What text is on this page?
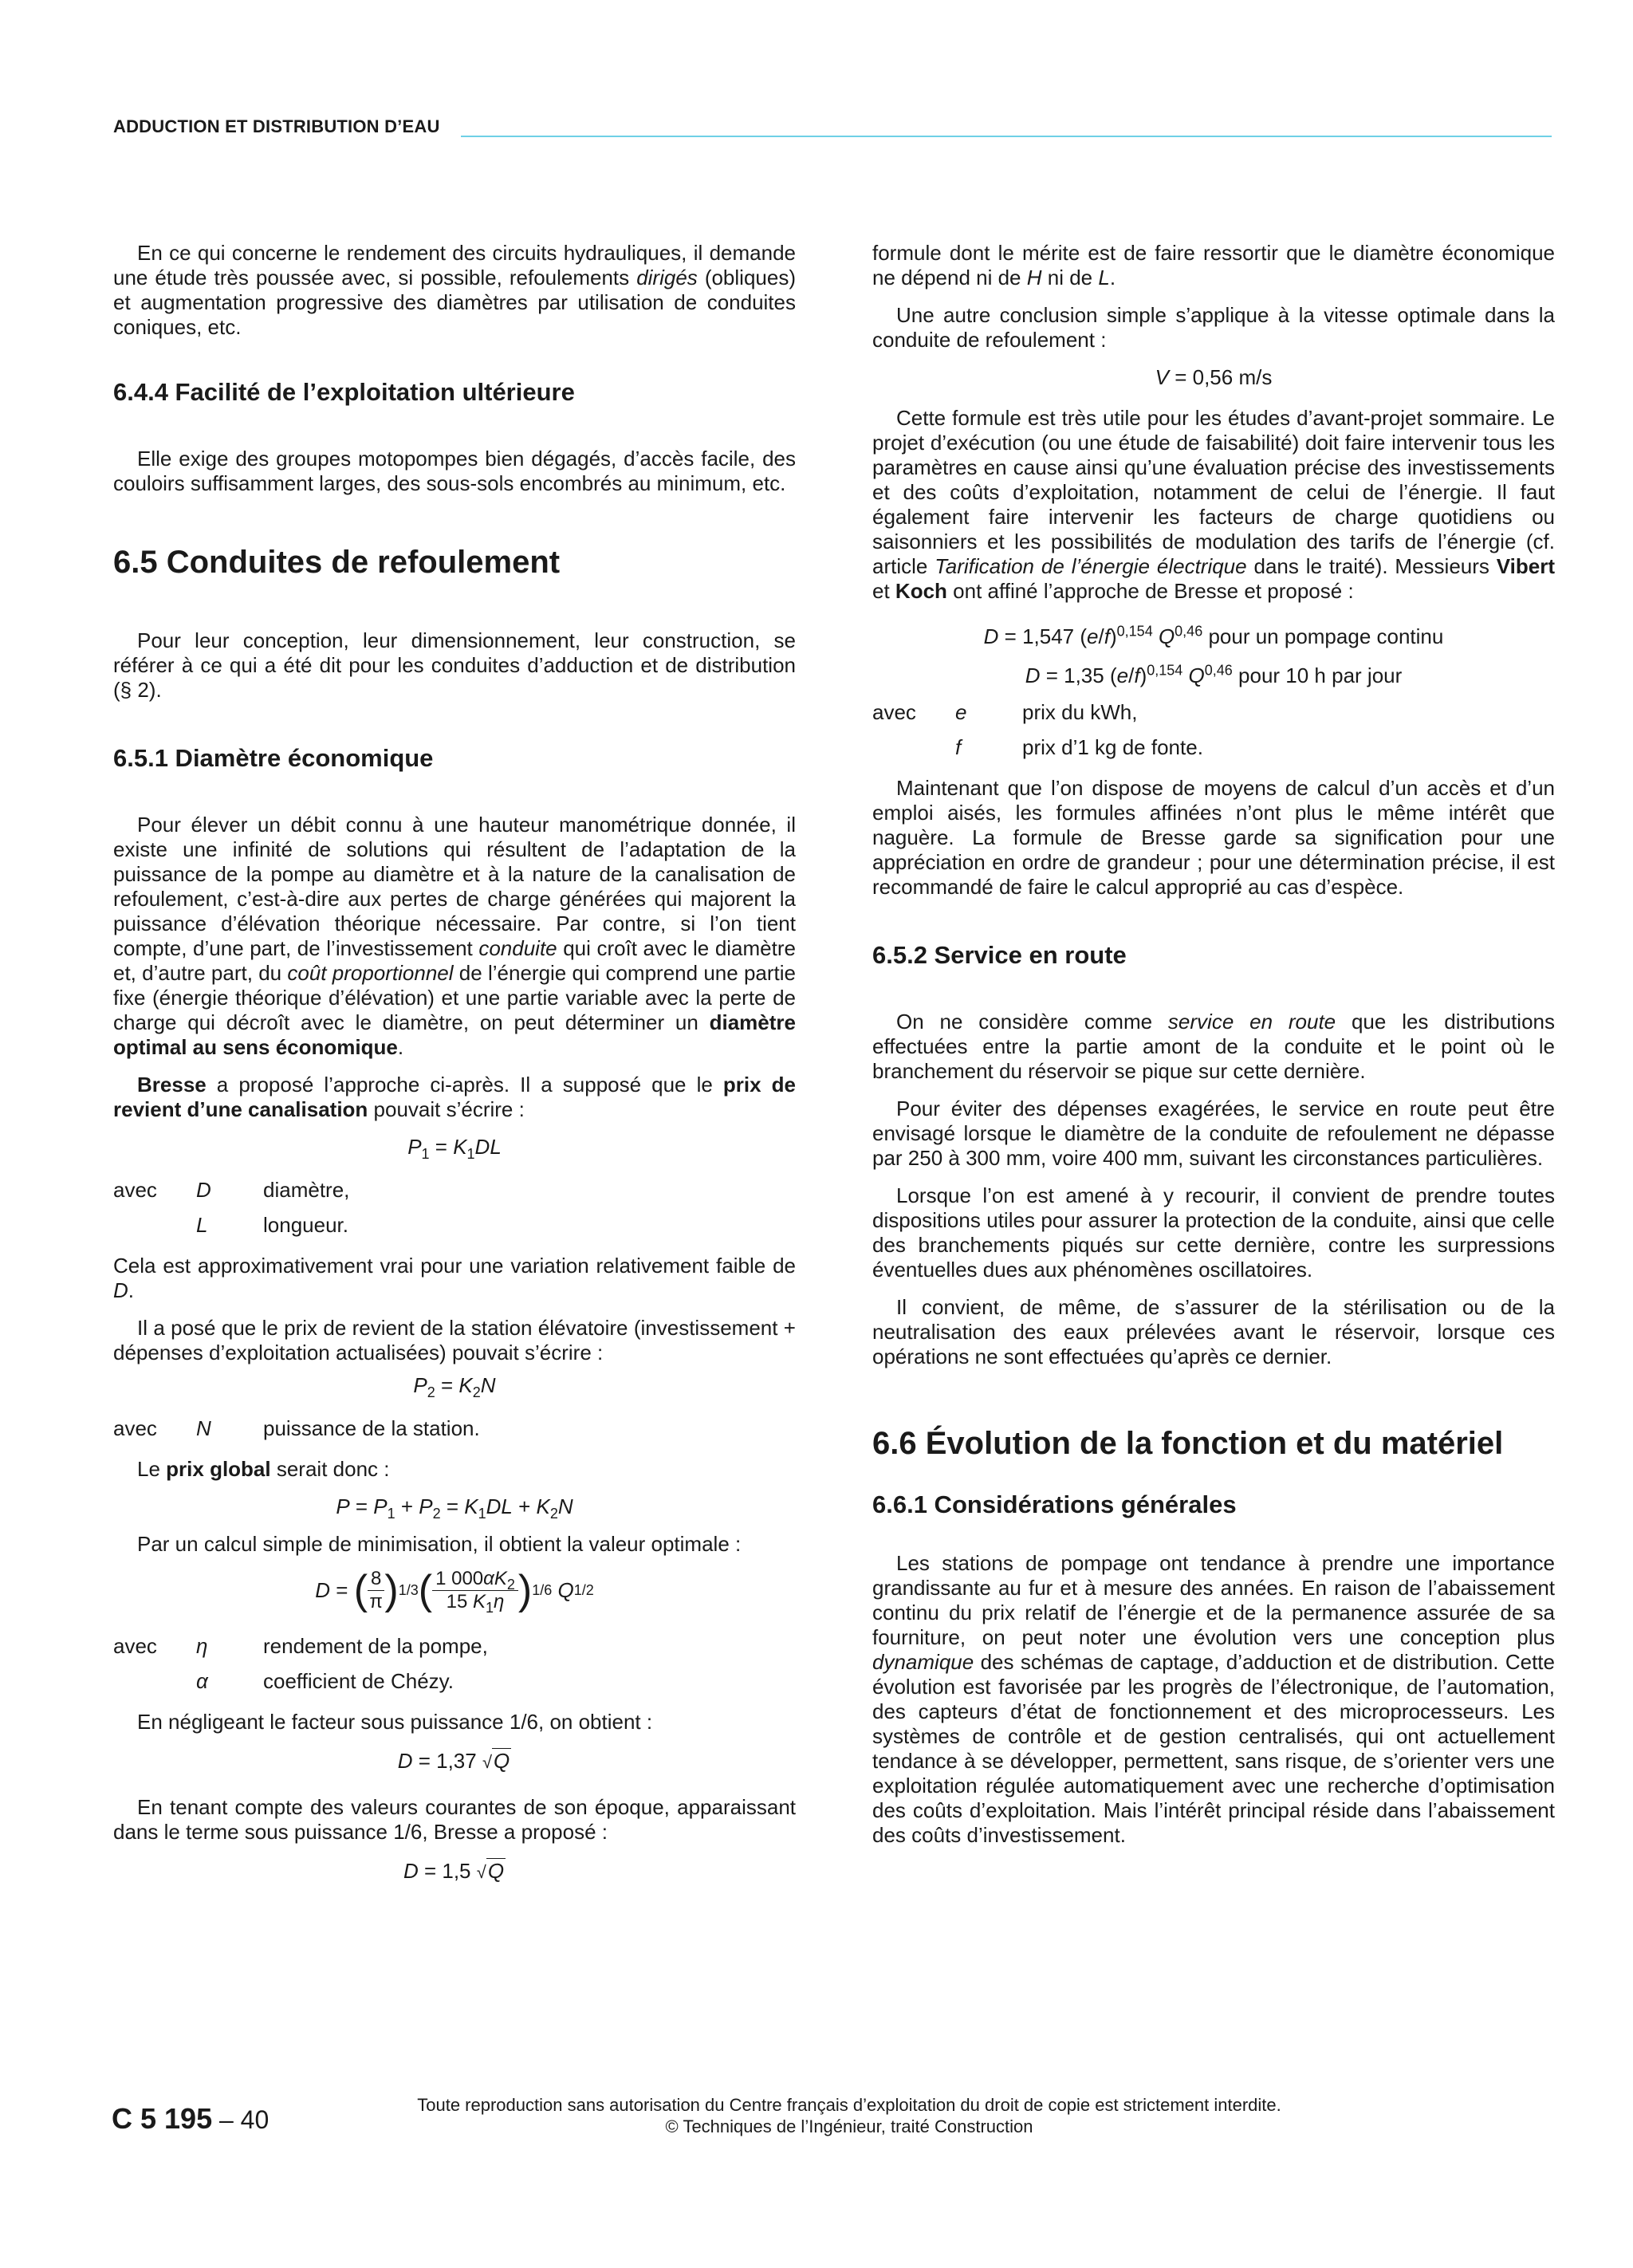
ADDUCTION ET DISTRIBUTION D’EAU

En ce qui concerne le rendement des circuits hydrauliques, il demande une étude très poussée avec, si possible, refoulements dirigés (obliques) et augmentation progressive des diamètres par utilisation de conduites coniques, etc.

6.4.4 Facilité de l’exploitation ultérieure

Elle exige des groupes motopompes bien dégagés, d’accès facile, des couloirs suffisamment larges, des sous-sols encombrés au minimum, etc.

6.5 Conduites de refoulement

Pour leur conception, leur dimensionnement, leur construction, se référer à ce qui a été dit pour les conduites d’adduction et de distribution (§ 2).

6.5.1 Diamètre économique

Pour élever un débit connu à une hauteur manométrique donnée, il existe une infinité de solutions qui résultent de l’adaptation de la puissance de la pompe au diamètre et à la nature de la canalisation de refoulement, c’est-à-dire aux pertes de charge générées qui majorent la puissance d’élévation théorique nécessaire. Par contre, si l’on tient compte, d’une part, de l’investissement conduite qui croît avec le diamètre et, d’autre part, du coût proportionnel de l’énergie qui comprend une partie fixe (énergie théorique d’élévation) et une partie variable avec la perte de charge qui décroît avec le diamètre, on peut déterminer un diamètre optimal au sens économique.

Bresse a proposé l’approche ci-après. Il a supposé que le prix de revient d’une canalisation pouvait s’écrire :

$P_1 = K_1DL$
avec	D	diamètre,
L	longueur.

Cela est approximativement vrai pour une variation relativement faible de D.

Il a posé que le prix de revient de la station élévatoire (investissement + dépenses d’exploitation actualisées) pouvait s’écrire :

$P_2 = K_2N$
avec	N	puissance de la station.

Le prix global serait donc :

$P = P_1 + P_2 = K_1DL + K_2N$

Par un calcul simple de minimisation, il obtient la valeur optimale :

D = ( $\frac{8}{\pi}$ ) 1/3 ( $\frac{1 000\alpha K_2}{15 K_1\eta}$ ) 1/6
Q 1/2
avec	η	rendement de la pompe,
α	coefficient de Chézy.

En négligeant le facteur sous puissance 1/6, on obtient :

D = 1,37 √Q

En tenant compte des valeurs courantes de son époque, apparaissant dans le terme sous puissance 1/6, Bresse a proposé :

D = 1,5 √Q

formule dont le mérite est de faire ressortir que le diamètre économique ne dépend ni de H ni de L.

Une autre conclusion simple s’applique à la vitesse optimale dans la conduite de refoulement :

V = 0,56 m/s

Cette formule est très utile pour les études d’avant-projet sommaire. Le projet d’exécution (ou une étude de faisabilité) doit faire intervenir tous les paramètres en cause ainsi qu’une évaluation précise des investissements et des coûts d’exploitation, notamment de celui de l’énergie. Il faut également faire intervenir les facteurs de charge quotidiens ou saisonniers et les possibilités de modulation des tarifs de l’énergie (cf. article Tarification de l’énergie électrique dans le traité). Messieurs Vibert et Koch ont affiné l’approche de Bresse et proposé :

D = 1,547 $(e/f)^{0,154}$ Q$^{0,46}$ pour un pompage continu
D = 1,35 $(e/f)^{0,154}$ Q$^{0,46}$ pour 10 h par jour
avec	e	prix du kWh,
f	prix d’1 kg de fonte.

Maintenant que l’on dispose de moyens de calcul d’un accès et d’un emploi aisés, les formules affinées n’ont plus le même intérêt que naguère. La formule de Bresse garde sa signification pour une appréciation en ordre de grandeur ; pour une détermination précise, il est recommandé de faire le calcul approprié au cas d’espèce.

6.5.2 Service en route

On ne considère comme service en route que les distributions effectuées entre la partie amont de la conduite et le point où le branchement du réservoir se pique sur cette dernière.

Pour éviter des dépenses exagérées, le service en route peut être envisagé lorsque le diamètre de la conduite de refoulement ne dépasse par 250 à 300 mm, voire 400 mm, suivant les circonstances particulières.

Lorsque l’on est amené à y recourir, il convient de prendre toutes dispositions utiles pour assurer la protection de la conduite, ainsi que celle des branchements piqués sur cette dernière, contre les surpressions éventuelles dues aux phénomènes oscillatoires.

Il convient, de même, de s’assurer de la stérilisation ou de la neutralisation des eaux prélevées avant le réservoir, lorsque ces opérations ne sont effectuées qu’après ce dernier.

6.6 Évolution de la fonction et du matériel
6.6.1 Considérations générales

Les stations de pompage ont tendance à prendre une importance grandissante au fur et à mesure des années. En raison de l’abaissement continu du prix relatif de l’énergie et de la permanence assurée de sa fourniture, on peut noter une évolution vers une conception plus dynamique des schémas de captage, d’adduction et de distribution. Cette évolution est favorisée par les progrès de l’électronique, de l’automation, des capteurs d’état de fonctionnement et des microprocesseurs. Les systèmes de contrôle et de gestion centralisés, qui ont actuellement tendance à se développer, permettent, sans risque, de s’orienter vers une exploitation régulée automatiquement avec une recherche d’optimisation des coûts d’exploitation. Mais l’intérêt principal réside dans l’abaissement des coûts d’investissement.

C 5 195 – 40
Toute reproduction sans autorisation du Centre français d’exploitation du droit de copie est strictement interdite.
© Techniques de l’Ingénieur, traité Construction
